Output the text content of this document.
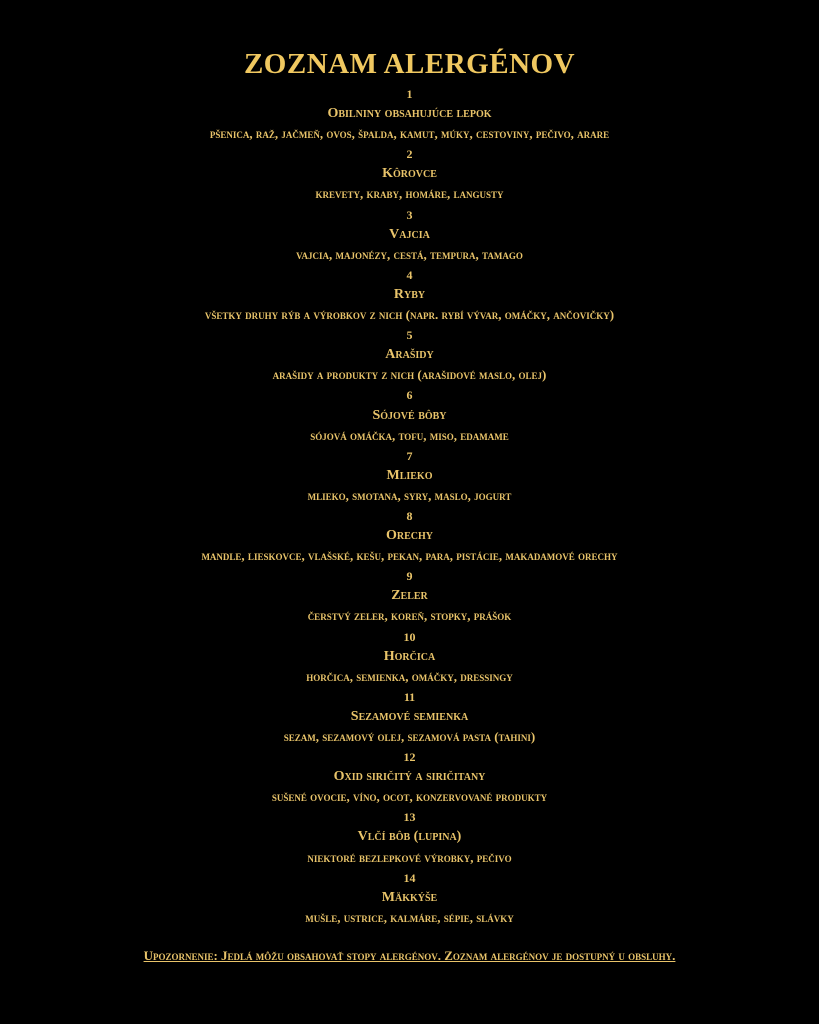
ZOZNAM ALERGÉNOV
1
Obilniny obsahujúce lepok
pšenica, raž, jačmeň, ovos, špalda, kamut, múky, cestoviny, pečivo, arare
2
Kôrovce
krevety, kraby, homáre, langusty
3
Vajcia
vajcia, majonézy, cestá, tempura, tamago
4
Ryby
všetky druhy rýb a výrobkov z nich (napr. rybí vývar, omáčky, ančovičky)
5
Arašidy
arašidy a produkty z nich (arašidové maslo, olej)
6
Sójové bôby
sójová omáčka, tofu, miso, edamame
7
Mlieko
mlieko, smotana, syry, maslo, jogurt
8
Orechy
mandle, lieskovce, vlašské, kešu, pekan, para, pistácie, makadamové orechy
9
Zeler
čerstvý zeler, koreň, stopky, prášok
10
Horčica
horčica, semienka, omáčky, dressingy
11
Sezamové semienka
sezam, sezamový olej, sezamová pasta (tahini)
12
Oxid siričitý a siričitany
sušené ovocie, víno, ocot, konzervované produkty
13
Vlčí bôb (lupina)
niektoré bezlepkové výrobky, pečivo
14
Mäkkýše
mušle, ustrice, kalmáre, sépie, slávky
Upozornenie: Jedlá môžu obsahovať stopy alergénov. Zoznam alergénov je dostupný u obsluhy.
